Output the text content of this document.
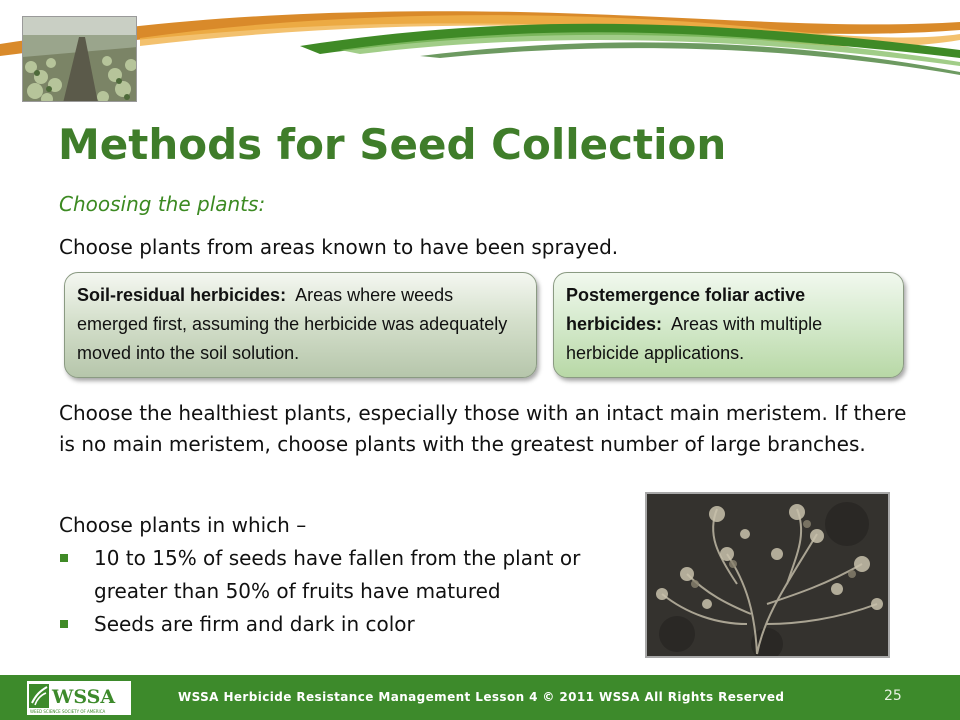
Methods for Seed Collection
Choosing the plants:
Choose plants from areas known to have been sprayed.
Soil-residual herbicides: Areas where weeds emerged first, assuming the herbicide was adequately moved into the soil solution.
Postemergence foliar active herbicides: Areas with multiple herbicide applications.
Choose the healthiest plants, especially those with an intact main meristem. If there is no main meristem, choose plants with the greatest number of large branches.
Choose plants in which –
10 to 15% of seeds have fallen from the plant or greater than 50% of fruits have matured
Seeds are firm and dark in color
WSSA
WEED SCIENCE SOCIETY OF AMERICA
WSSA Herbicide Resistance Management Lesson 4 © 2011 WSSA All Rights Reserved	25
